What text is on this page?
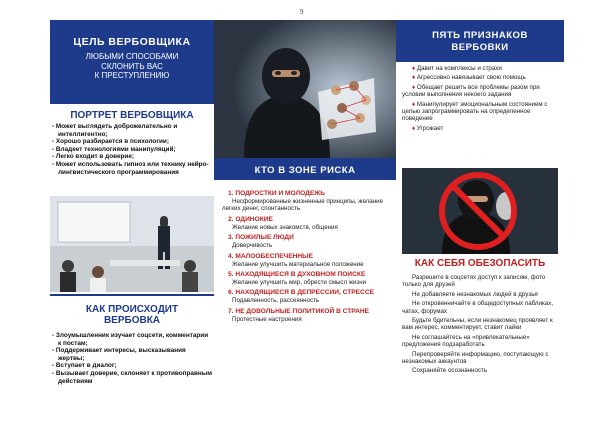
9
ЦЕЛЬ ВЕРБОВЩИКА
ЛЮБЫМИ СПОСОБАМИ
СКЛОНИТЬ ВАС
К ПРЕСТУПЛЕНИЮ
ПОРТРЕТ ВЕРБОВЩИКА
- Может выглядеть доброжелательно и интеллигентно;
- Хорошо разбирается в психологии;
- Владеет технологиями манипуляций;
- Легко входит в доверие;
- Может использовать гипноз или технику нейро-лингвистического программирования
КАК ПРОИСХОДИТ
ВЕРБОВКА
- Злоумышленник изучает соцсети, комментарии к постам;
- Поддерживает интересы, высказывания жертвы;
- Вступает в диалог;
- Вызывает доверие, склоняет к противоправным действиям
КТО В ЗОНЕ РИСКА
1. ПОДРОСТКИ И МОЛОДЕЖЬ
Несформированные жизненные принципы, желание легких денег, спонтанность
2. ОДИНОКИЕ
Желание новых знакомств, общения
3. ПОЖИЛЫЕ ЛЮДИ
Доверчивость
4. МАЛООБЕСПЕЧЕННЫЕ
Желание улучшить материальное положение
5. НАХОДЯЩИЕСЯ В ДУХОВНОМ ПОИСКЕ
Желание улучшить мир, обрести смысл жизни
6. НАХОДЯЩИЕСЯ В ДЕПРЕССИИ, СТРЕССЕ
Подавленность, рассеянность
7. НЕ ДОВОЛЬНЫЕ ПОЛИТИКОЙ В СТРАНЕ
Протестные настроения
ПЯТЬ ПРИЗНАКОВ
ВЕРБОВКИ

♦ Давит на комплексы и страхи

♦ Агрессивно навязывает свою помощь

♦ Обещает решить все проблемы разом при условии выполнения некоего задания

♦ Манипулирует эмоциональным состоянием с целью запрограммировать на определенное поведение

♦ Угрожает

КАК СЕБЯ ОБЕЗОПАСИТЬ

Разрешите в соцсетях доступ к записям, фото только для друзей

Не добавляете незнакомых людей в друзья

Не откровенничайте в общедоступных пабликах, чатах, форумах

Будьте бдительны, если незнакомец проявляет к вам интерес, комментирует, ставит лайки

Не соглашайтесь на «привлекательные» предложения подзаработать

Перепроверяйте информацию, поступающую с незнакомых аккаунтов

Сохраняйте осознанность
